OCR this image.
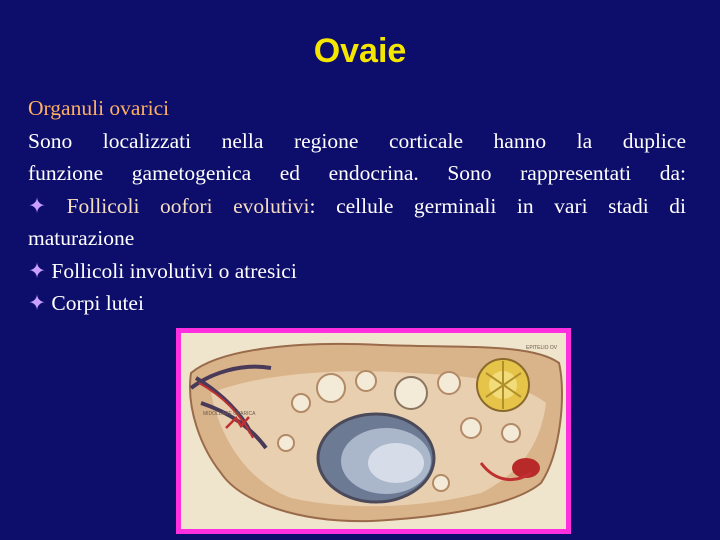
Ovaie
Organuli ovarici
Sono localizzati nella regione corticale hanno la duplice
funzione gametogenica ed endocrina. Sono rappresentati da:
✦ Follicoli oofori evolutivi: cellule germinali in vari stadi di
maturazione
✦ Follicoli involutivi o atresici
✦ Corpi lutei
EPITELIO OV
MIDOLLARE OVARICA
